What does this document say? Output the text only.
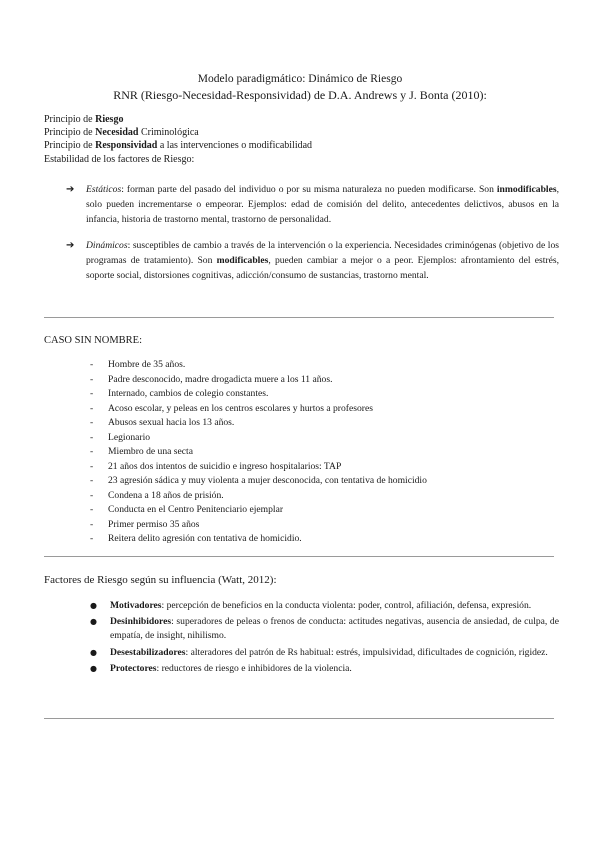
Modelo paradigmático: Dinámico de Riesgo
RNR (Riesgo-Necesidad-Responsividad) de D.A. Andrews y J. Bonta (2010):
Principio de Riesgo
Principio de Necesidad Criminológica
Principio de Responsividad a las intervenciones o modificabilidad
Estabilidad de los factores de Riesgo:
➔ Estáticos: forman parte del pasado del individuo o por su misma naturaleza no pueden modificarse. Son inmodificables, solo pueden incrementarse o empeorar. Ejemplos: edad de comisión del delito, antecedentes delictivos, abusos en la infancia, historia de trastorno mental, trastorno de personalidad.
➔ Dinámicos: susceptibles de cambio a través de la intervención o la experiencia. Necesidades criminógenas (objetivo de los programas de tratamiento). Son modificables, pueden cambiar a mejor o a peor. Ejemplos: afrontamiento del estrés, soporte social, distorsiones cognitivas, adicción/consumo de sustancias, trastorno mental.
CASO SIN NOMBRE:
- Hombre de 35 años.
- Padre desconocido, madre drogadicta muere a los 11 años.
- Internado, cambios de colegio constantes.
- Acoso escolar, y peleas en los centros escolares y hurtos a profesores
- Abusos sexual hacia los 13 años.
- Legionario
- Miembro de una secta
- 21 años dos intentos de suicidio e ingreso hospitalarios: TAP
- 23 agresión sádica y muy violenta a mujer desconocida, con tentativa de homicidio
- Condena a 18 años de prisión.
- Conducta en el Centro Penitenciario ejemplar
- Primer permiso 35 años
- Reitera delito agresión con tentativa de homicidio.
Factores de Riesgo según su influencia (Watt, 2012):
● Motivadores: percepción de beneficios en la conducta violenta: poder, control, afiliación, defensa, expresión.
● Desinhibidores: superadores de peleas o frenos de conducta: actitudes negativas, ausencia de ansiedad, de culpa, de empatía, de insight, nihilismo.
● Desestabilizadores: alteradores del patrón de Rs habitual: estrés, impulsividad, dificultades de cognición, rigidez.
● Protectores: reductores de riesgo e inhibidores de la violencia.
